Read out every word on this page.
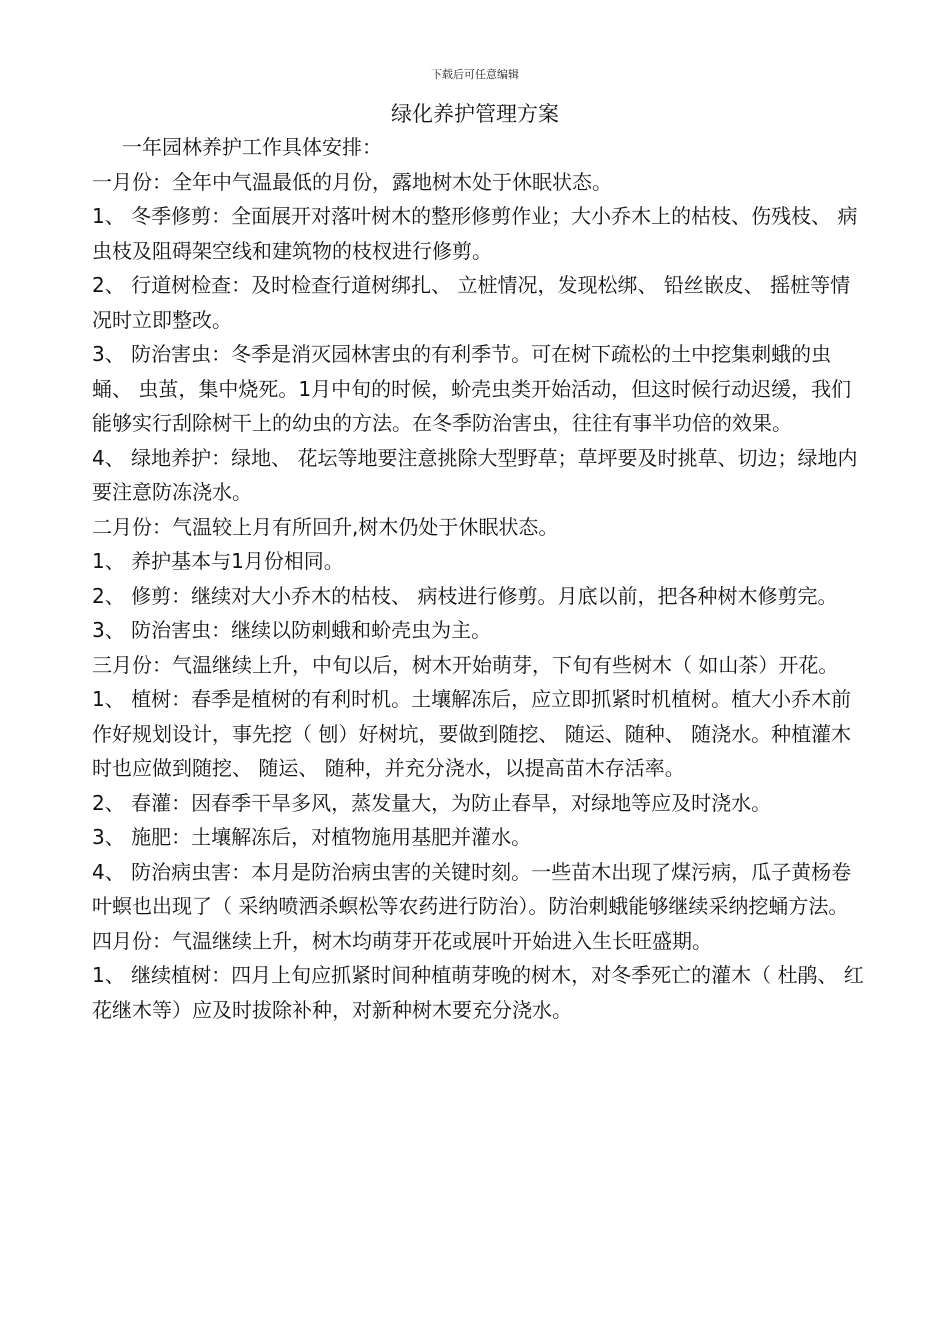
下载后可任意编辑
绿化养护管理方案

一年园林养护工作具体安排：

一月份：全年中气温最低的月份，露地树木处于休眠状态。

1、 冬季修剪：全面展开对落叶树木的整形修剪作业；大小乔木上的枯枝、伤残枝、 病虫枝及阻碍架空线和建筑物的枝杈进行修剪。

2、 行道树检查：及时检查行道树绑扎、 立桩情况，发现松绑、 铅丝嵌皮、 摇桩等情况时立即整改。

3、 防治害虫：冬季是消灭园林害虫的有利季节。可在树下疏松的土中挖集刺蛾的虫蛹、 虫茧，集中烧死。1月中旬的时候，蚧壳虫类开始活动，但这时候行动迟缓，我们能够实行刮除树干上的幼虫的方法。在冬季防治害虫，往往有事半功倍的效果。

4、 绿地养护：绿地、 花坛等地要注意挑除大型野草；草坪要及时挑草、切边；绿地内要注意防冻浇水。

二月份：气温较上月有所回升,树木仍处于休眠状态。

1、 养护基本与1月份相同。

2、 修剪：继续对大小乔木的枯枝、 病枝进行修剪。月底以前，把各种树木修剪完。

3、 防治害虫：继续以防刺蛾和蚧壳虫为主。

三月份：气温继续上升，中旬以后，树木开始萌芽，下旬有些树木（ 如山茶）开花。

1、 植树：春季是植树的有利时机。土壤解冻后，应立即抓紧时机植树。植大小乔木前作好规划设计，事先挖（ 刨）好树坑，要做到随挖、 随运、随种、 随浇水。种植灌木时也应做到随挖、 随运、 随种，并充分浇水，以提高苗木存活率。

2、 春灌：因春季干旱多风，蒸发量大，为防止春旱，对绿地等应及时浇水。

3、 施肥：土壤解冻后，对植物施用基肥并灌水。

4、 防治病虫害：本月是防治病虫害的关键时刻。一些苗木出现了煤污病，瓜子黄杨卷叶螟也出现了（ 采纳喷洒杀螟松等农药进行防治）。防治刺蛾能够继续采纳挖蛹方法。

四月份：气温继续上升，树木均萌芽开花或展叶开始进入生长旺盛期。

1、 继续植树：四月上旬应抓紧时间种植萌芽晚的树木，对冬季死亡的灌木（ 杜鹃、 红花继木等）应及时拔除补种，对新种树木要充分浇水。
